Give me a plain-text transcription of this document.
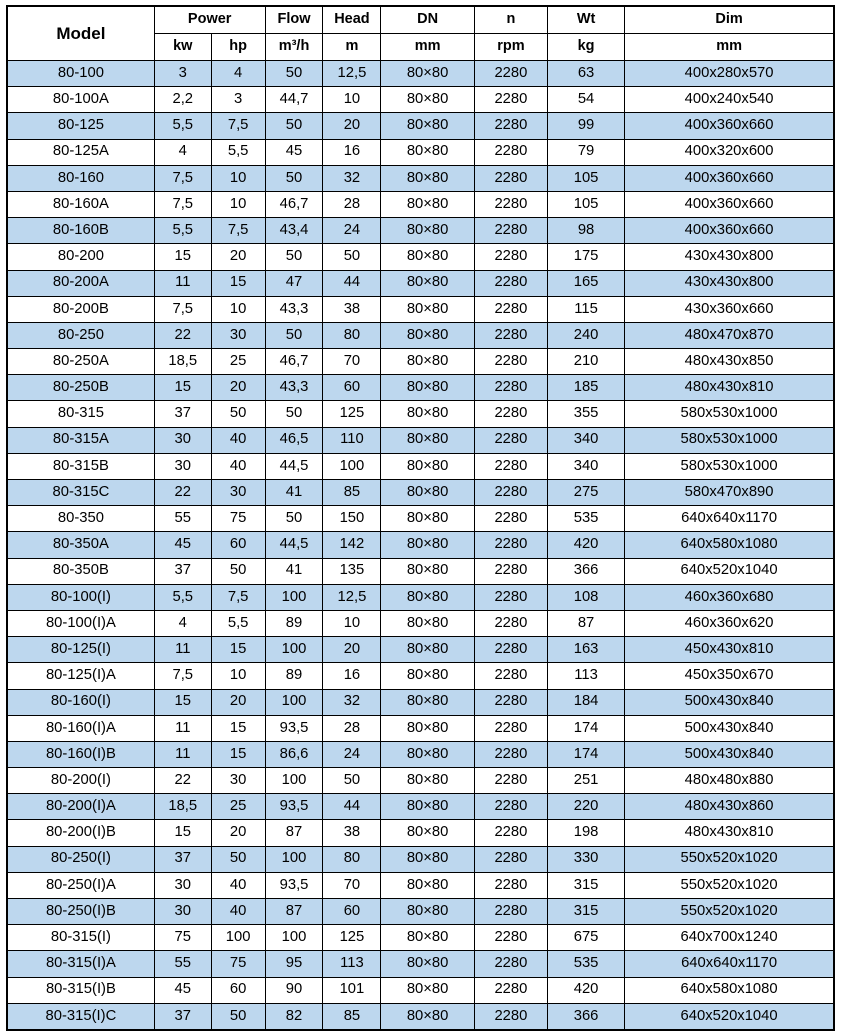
Model	Power		Flow	Head	DN	n	Wt	Dim
	kw	hp	m³/h	m	mm	rpm	kg	mm
80-100	3	4	50	12,5	80×80	2280	63	400x280x570
80-100A	2,2	3	44,7	10	80×80	2280	54	400x240x540
80-125	5,5	7,5	50	20	80×80	2280	99	400x360x660
80-125A	4	5,5	45	16	80×80	2280	79	400x320x600
80-160	7,5	10	50	32	80×80	2280	105	400x360x660
80-160A	7,5	10	46,7	28	80×80	2280	105	400x360x660
80-160B	5,5	7,5	43,4	24	80×80	2280	98	400x360x660
80-200	15	20	50	50	80×80	2280	175	430x430x800
80-200A	11	15	47	44	80×80	2280	165	430x430x800
80-200B	7,5	10	43,3	38	80×80	2280	115	430x360x660
80-250	22	30	50	80	80×80	2280	240	480x470x870
80-250A	18,5	25	46,7	70	80×80	2280	210	480x430x850
80-250B	15	20	43,3	60	80×80	2280	185	480x430x810
80-315	37	50	50	125	80×80	2280	355	580x530x1000
80-315A	30	40	46,5	110	80×80	2280	340	580x530x1000
80-315B	30	40	44,5	100	80×80	2280	340	580x530x1000
80-315C	22	30	41	85	80×80	2280	275	580x470x890
80-350	55	75	50	150	80×80	2280	535	640x640x1170
80-350A	45	60	44,5	142	80×80	2280	420	640x580x1080
80-350B	37	50	41	135	80×80	2280	366	640x520x1040
80-100(I)	5,5	7,5	100	12,5	80×80	2280	108	460x360x680
80-100(I)A	4	5,5	89	10	80×80	2280	87	460x360x620
80-125(I)	11	15	100	20	80×80	2280	163	450x430x810
80-125(I)A	7,5	10	89	16	80×80	2280	113	450x350x670
80-160(I)	15	20	100	32	80×80	2280	184	500x430x840
80-160(I)A	11	15	93,5	28	80×80	2280	174	500x430x840
80-160(I)B	11	15	86,6	24	80×80	2280	174	500x430x840
80-200(I)	22	30	100	50	80×80	2280	251	480x480x880
80-200(I)A	18,5	25	93,5	44	80×80	2280	220	480x430x860
80-200(I)B	15	20	87	38	80×80	2280	198	480x430x810
80-250(I)	37	50	100	80	80×80	2280	330	550x520x1020
80-250(I)A	30	40	93,5	70	80×80	2280	315	550x520x1020
80-250(I)B	30	40	87	60	80×80	2280	315	550x520x1020
80-315(I)	75	100	100	125	80×80	2280	675	640x700x1240
80-315(I)A	55	75	95	113	80×80	2280	535	640x640x1170
80-315(I)B	45	60	90	101	80×80	2280	420	640x580x1080
80-315(I)C	37	50	82	85	80×80	2280	366	640x520x1040
